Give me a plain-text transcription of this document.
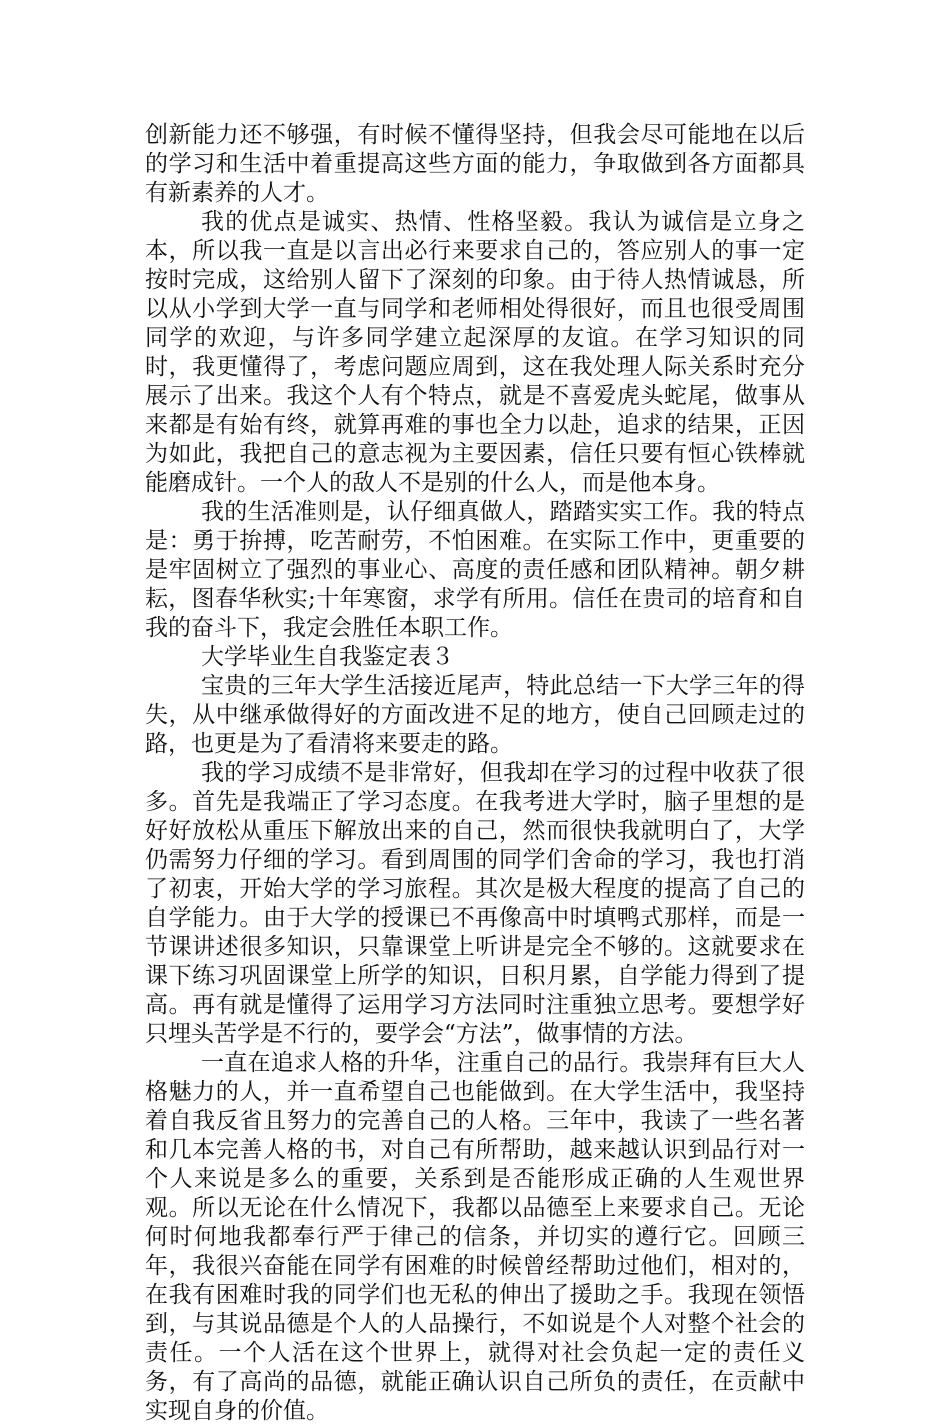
创新能力还不够强，有时候不懂得坚持，但我会尽可能地在以后的学习和生活中着重提高这些方面的能力，争取做到各方面都具有新素养的人才。

我的优点是诚实、热情、性格坚毅。我认为诚信是立身之本，所以我一直是以言出必行来要求自己的，答应别人的事一定按时完成，这给别人留下了深刻的印象。由于待人热情诚恳，所以从小学到大学一直与同学和老师相处得很好，而且也很受周围同学的欢迎，与许多同学建立起深厚的友谊。在学习知识的同时，我更懂得了，考虑问题应周到，这在我处理人际关系时充分展示了出来。我这个人有个特点，就是不喜爱虎头蛇尾，做事从来都是有始有终，就算再难的事也全力以赴，追求的结果，正因为如此，我把自己的意志视为主要因素，信任只要有恒心铁棒就能磨成针。一个人的敌人不是别的什么人，而是他本身。

我的生活准则是，认仔细真做人，踏踏实实工作。我的特点是：勇于拚搏，吃苦耐劳，不怕困难。在实际工作中，更重要的是牢固树立了强烈的事业心、高度的责任感和团队精神。朝夕耕耘，图春华秋实;十年寒窗，求学有所用。信任在贵司的培育和自我的奋斗下，我定会胜任本职工作。

大学毕业生自我鉴定表３

宝贵的三年大学生活接近尾声，特此总结一下大学三年的得失，从中继承做得好的方面改进不足的地方，使自己回顾走过的路，也更是为了看清将来要走的路。

我的学习成绩不是非常好，但我却在学习的过程中收获了很多。首先是我端正了学习态度。在我考进大学时，脑子里想的是好好放松从重压下解放出来的自己，然而很快我就明白了，大学仍需努力仔细的学习。看到周围的同学们舍命的学习，我也打消了初衷，开始大学的学习旅程。其次是极大程度的提高了自己的自学能力。由于大学的授课已不再像高中时填鸭式那样，而是一节课讲述很多知识，只靠课堂上听讲是完全不够的。这就要求在课下练习巩固课堂上所学的知识，日积月累，自学能力得到了提高。再有就是懂得了运用学习方法同时注重独立思考。要想学好只埋头苦学是不行的，要学会“方法”，做事情的方法。

一直在追求人格的升华，注重自己的品行。我崇拜有巨大人格魅力的人，并一直希望自己也能做到。在大学生活中，我坚持着自我反省且努力的完善自己的人格。三年中，我读了一些名著和几本完善人格的书，对自己有所帮助，越来越认识到品行对一个人来说是多么的重要，关系到是否能形成正确的人生观世界观。所以无论在什么情况下，我都以品德至上来要求自己。无论何时何地我都奉行严于律己的信条，并切实的遵行它。回顾三年，我很兴奋能在同学有困难的时候曾经帮助过他们，相对的，在我有困难时我的同学们也无私的伸出了援助之手。我现在领悟到，与其说品德是个人的人品操行，不如说是个人对整个社会的责任。一个人活在这个世界上，就得对社会负起一定的责任义务，有了高尚的品德，就能正确认识自己所负的责任，在贡献中实现自身的价值。
